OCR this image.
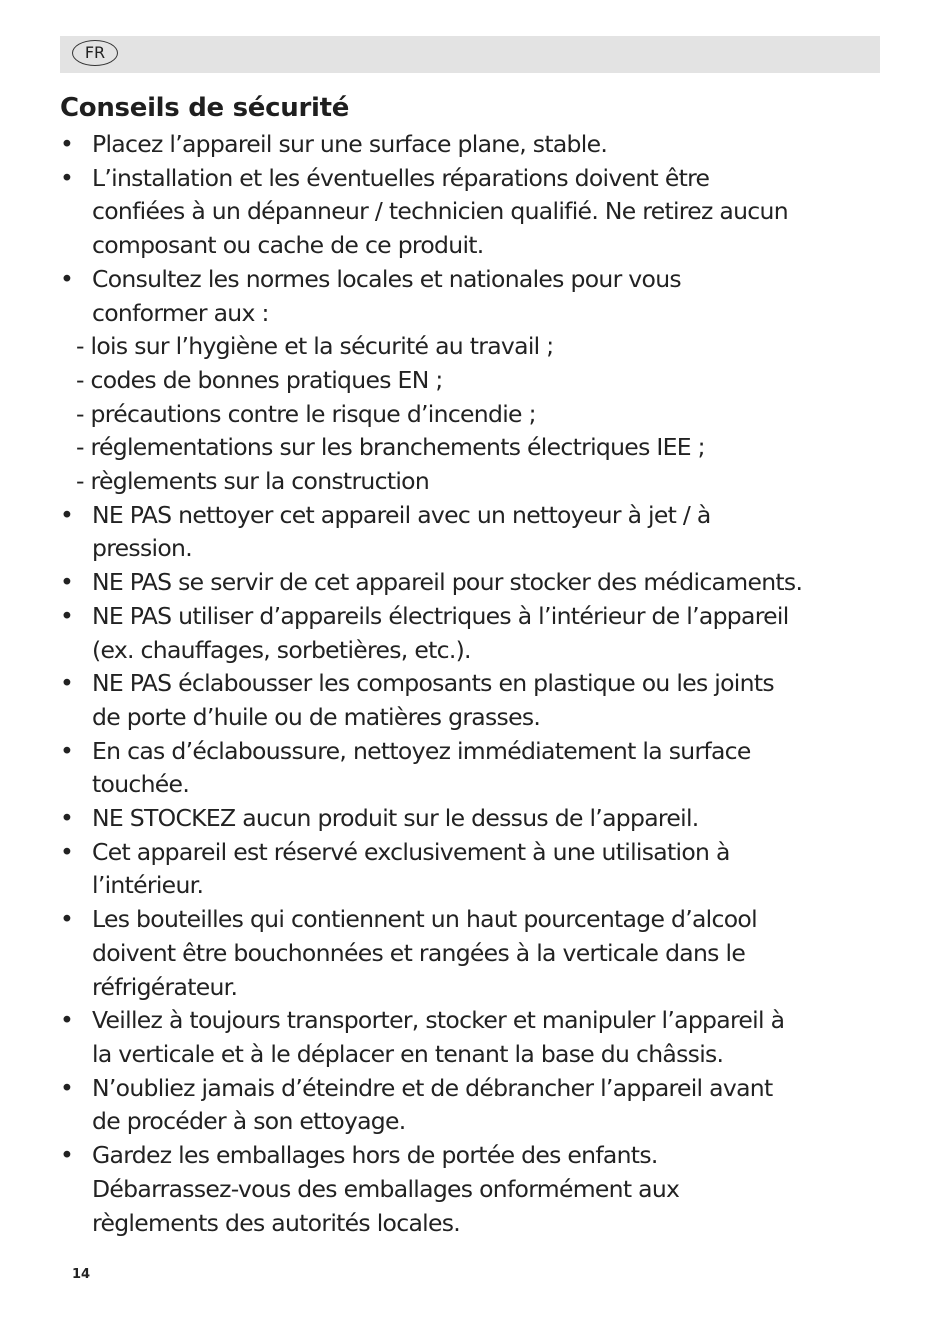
FR
Conseils de sécurité
• Placez l’appareil sur une surface plane, stable.
• L’installation et les éventuelles réparations doivent être
confiées à un dépanneur / technicien qualifié. Ne retirez aucun
composant ou cache de ce produit.
• Consultez les normes locales et nationales pour vous
conformer aux :
- lois sur l’hygiène et la sécurité au travail ;
- codes de bonnes pratiques EN ;
- précautions contre le risque d’incendie ;
- réglementations sur les branchements électriques IEE ;
- règlements sur la construction
• NE PAS nettoyer cet appareil avec un nettoyeur à jet / à
pression.
• NE PAS se servir de cet appareil pour stocker des médicaments.
• NE PAS utiliser d’appareils électriques à l’intérieur de l’appareil
(ex. chauffages, sorbetières, etc.).
• NE PAS éclabousser les composants en plastique ou les joints
de porte d’huile ou de matières grasses.
• En cas d’éclaboussure, nettoyez immédiatement la surface
touchée.
• NE STOCKEZ aucun produit sur le dessus de l’appareil.
• Cet appareil est réservé exclusivement à une utilisation à
l’intérieur.
• Les bouteilles qui contiennent un haut pourcentage d’alcool
doivent être bouchonnées et rangées à la verticale dans le
réfrigérateur.
• Veillez à toujours transporter, stocker et manipuler l’appareil à
la verticale et à le déplacer en tenant la base du châssis.
• N’oubliez jamais d’éteindre et de débrancher l’appareil avant
de procéder à son ettoyage.
• Gardez les emballages hors de portée des enfants.
Débarrassez-vous des emballages onformément aux
règlements des autorités locales.
14
